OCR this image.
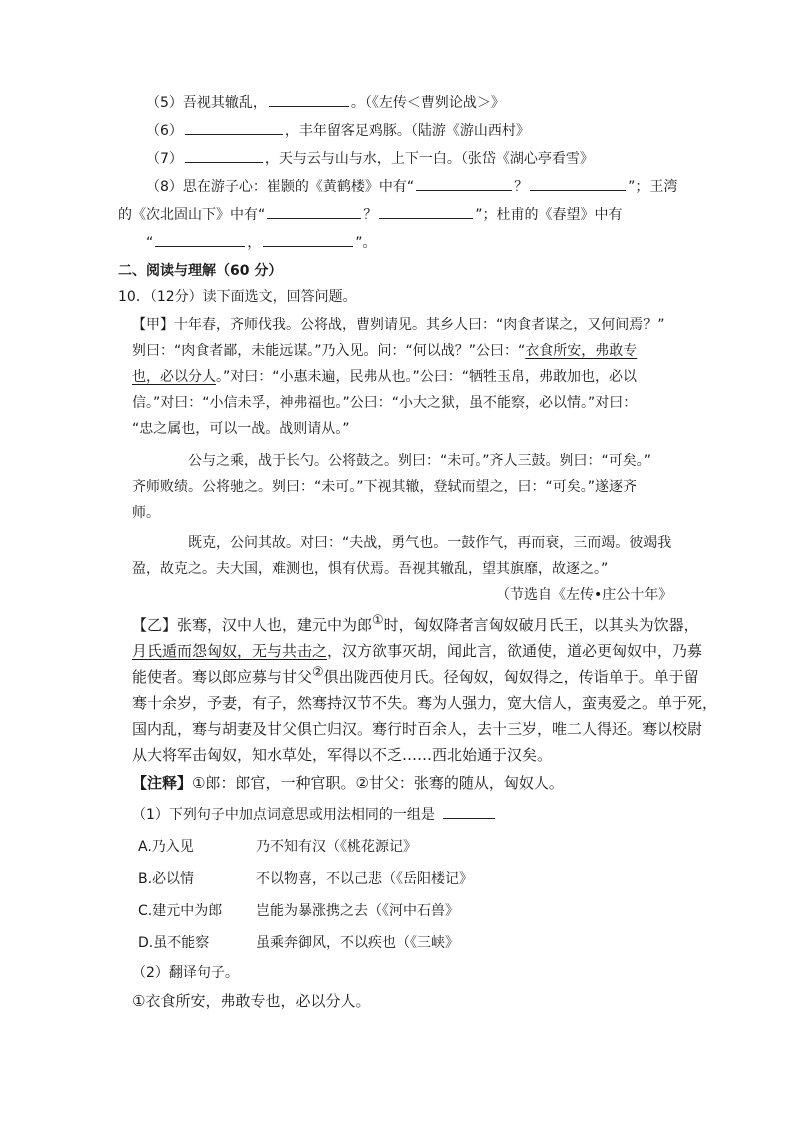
（5）吾视其辙乱，	。（《左传＜曹刿论战＞》
（6）	，丰年留客足鸡豚。（陆游《游山西村》
（7）	，天与云与山与水，上下一白。（张岱《湖心亭看雪》
（8）思在游子心：崔颢的《黄鹤楼》中有“	？	”；王湾
的《次北固山下》中有“	？	”；杜甫的《春望》中有
“	，	”。
二、阅读与理解（60 分）
10．（12分）读下面选文，回答问题。
【甲】十年春，齐师伐我。公将战，曹刿请见。其乡人曰：“肉食者谋之，又何间焉？”
刿曰：“肉食者鄙，未能远谋。”乃入见。问：“何以战？”公曰：“衣食所安，弗敢专
也，必以分人。”对曰：“小惠未遍，民弗从也。”公曰：“牺牲玉帛，弗敢加也，必以
信。”对曰：“小信未孚，神弗福也。”公曰：“小大之狱，虽不能察，必以情。”对曰：
“忠之属也，可以一战。战则请从。”
公与之乘，战于长勺。公将鼓之。刿曰：“未可。”齐人三鼓。刿曰：“可矣。”
齐师败绩。公将驰之。刿曰：“未可。”下视其辙，登轼而望之，曰：“可矣。”遂逐齐
师。
既克，公问其故。对曰：“夫战，勇气也。一鼓作气，再而衰，三而竭。彼竭我
盈，故克之。夫大国，难测也，惧有伏焉。吾视其辙乱，望其旗靡，故逐之。”
（节选自《左传•庄公十年》
【乙】张骞，汉中人也，建元中为郎①时，匈奴降者言匈奴破月氏王，以其头为饮器，
月氏遁而怨匈奴，无与共击之，汉方欲事灭胡，闻此言，欲通使，道必更匈奴中，乃募
能使者。骞以郎应募与甘父②俱出陇西使月氏。径匈奴，匈奴得之，传诣单于。单于留
骞十余岁，予妻，有子，然骞持汉节不失。骞为人强力，宽大信人，蛮夷爱之。单于死，
国内乱，骞与胡妻及甘父俱亡归汉。骞行时百余人，去十三岁，唯二人得还。骞以校尉
从大将军击匈奴，知水草处，军得以不乏……西北始通于汉矣。
【注释】①郎：郎官，一种官职。②甘父：张骞的随从，匈奴人。
（1）下列句子中加点词意思或用法相同的一组是
A.乃入见	乃不知有汉（《桃花源记》
B.必以情	不以物喜，不以己悲（《岳阳楼记》
C.建元中为郎 岂能为暴涨携之去（《河中石兽》
D.虽不能察	虽乘奔御风，不以疾也（《三峡》
（2）翻译句子。
①衣食所安，弗敢专也，必以分人。
